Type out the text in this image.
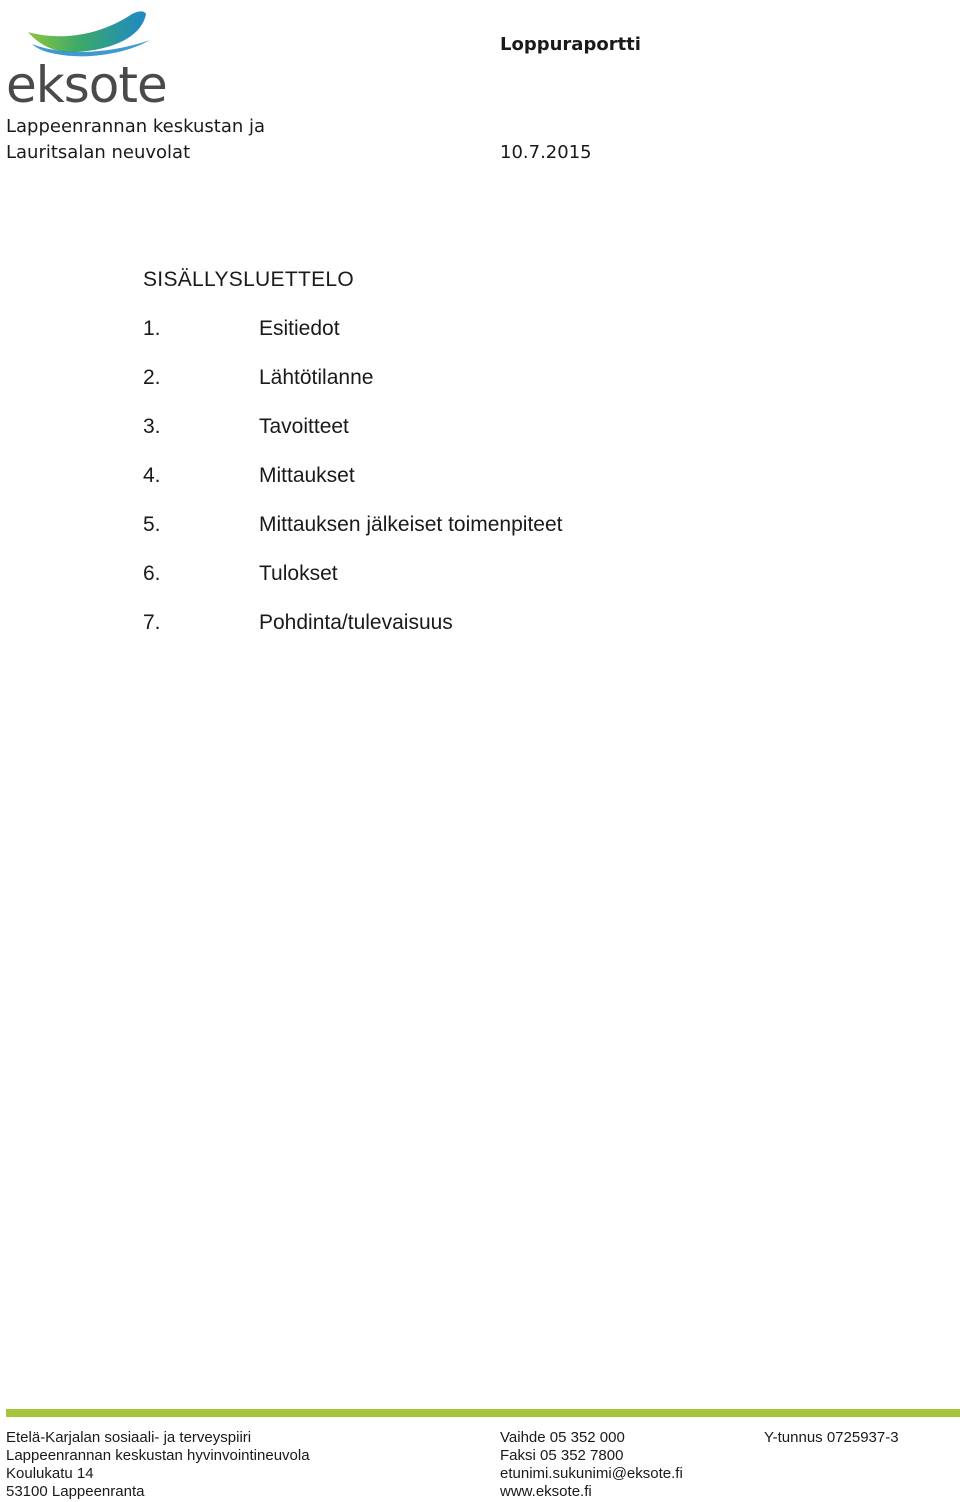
eksote
Lappeenrannan keskustan ja
Lauritsalan neuvolat
Loppuraportti
10.7.2015
SISÄLLYSLUETTELO
1.	Esitiedot
2.	Lähtötilanne
3.	Tavoitteet
4.	Mittaukset
5.	Mittauksen jälkeiset toimenpiteet
6.	Tulokset
7.	Pohdinta/tulevaisuus
Etelä-Karjalan sosiaali- ja terveyspiiri
Lappeenrannan keskustan hyvinvointineuvola
Koulukatu 14
53100 Lappeenranta
Vaihde 05 352 000
Faksi 05 352 7800
etunimi.sukunimi@eksote.fi
www.eksote.fi
Y-tunnus 0725937-3
